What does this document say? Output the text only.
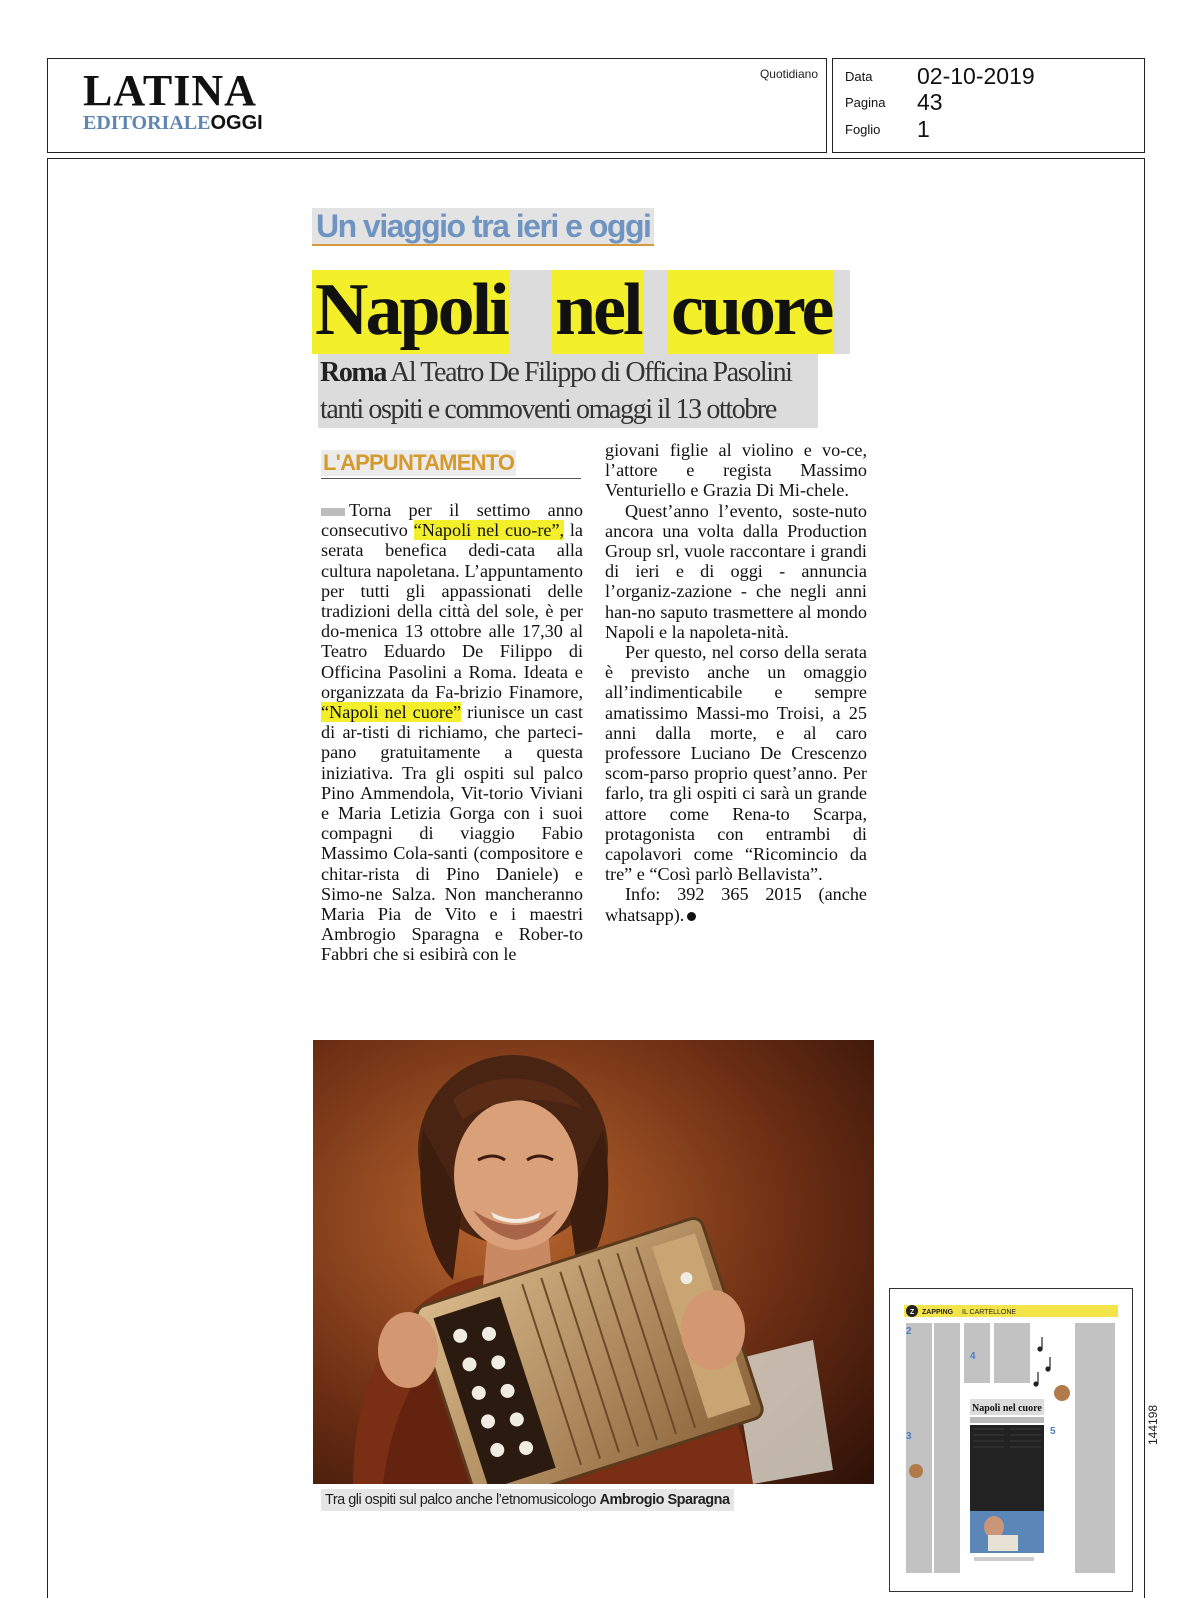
LATINA
EDITORIALEOGGI
Quotidiano Data 02-10-2019
Pagina 43
Foglio 1
Un viaggio tra ieri e oggi
Napoli nel cuore
Roma Al Teatro De Filippo di Officina Pasolini
tanti ospiti e commoventi omaggi il 13 ottobre
L'APPUNTAMENTO

Torna per il settimo anno consecutivo “Napoli nel cuo-re”, la serata benefica dedi-cata alla cultura napoletana. L’appuntamento per tutti gli appassionati delle tradizioni della città del sole, è per do-menica 13 ottobre alle 17,30 al Teatro Eduardo De Filippo di Officina Pasolini a Roma. Ideata e organizzata da Fa-brizio Finamore, “Napoli nel cuore” riunisce un cast di ar-tisti di richiamo, che parteci-pano gratuitamente a questa iniziativa. Tra gli ospiti sul palco Pino Ammendola, Vit-torio Viviani e Maria Letizia Gorga con i suoi compagni di viaggio Fabio Massimo Cola-santi (compositore e chitar-rista di Pino Daniele) e Simo-ne Salza. Non mancheranno Maria Pia de Vito e i maestri Ambrogio Sparagna e Rober-to Fabbri che si esibirà con le

giovani figlie al violino e vo-ce, l’attore e regista Massimo Venturiello e Grazia Di Mi-chele.

Quest’anno l’evento, soste-nuto ancora una volta dalla Production Group srl, vuole raccontare i grandi di ieri e di oggi - annuncia l’organiz-zazione - che negli anni han-no saputo trasmettere al mondo Napoli e la napoleta-nità.

Per questo, nel corso della serata è previsto anche un omaggio all’indimenticabile e sempre amatissimo Massi-mo Troisi, a 25 anni dalla morte, e al caro professore Luciano De Crescenzo scom-parso proprio quest’anno. Per farlo, tra gli ospiti ci sarà un grande attore come Rena-to Scarpa, protagonista con entrambi di capolavori come “Ricomincio da tre” e “Così parlò Bellavista”.

Info: 392 365 2015 (anche whatsapp).

Tra gli ospiti sul palco anche l’etnomusicologo Ambrogio Sparagna
Z ZAPPING IL CARTELLONE
2
3
4
5
Napoli nel cuore	144198
